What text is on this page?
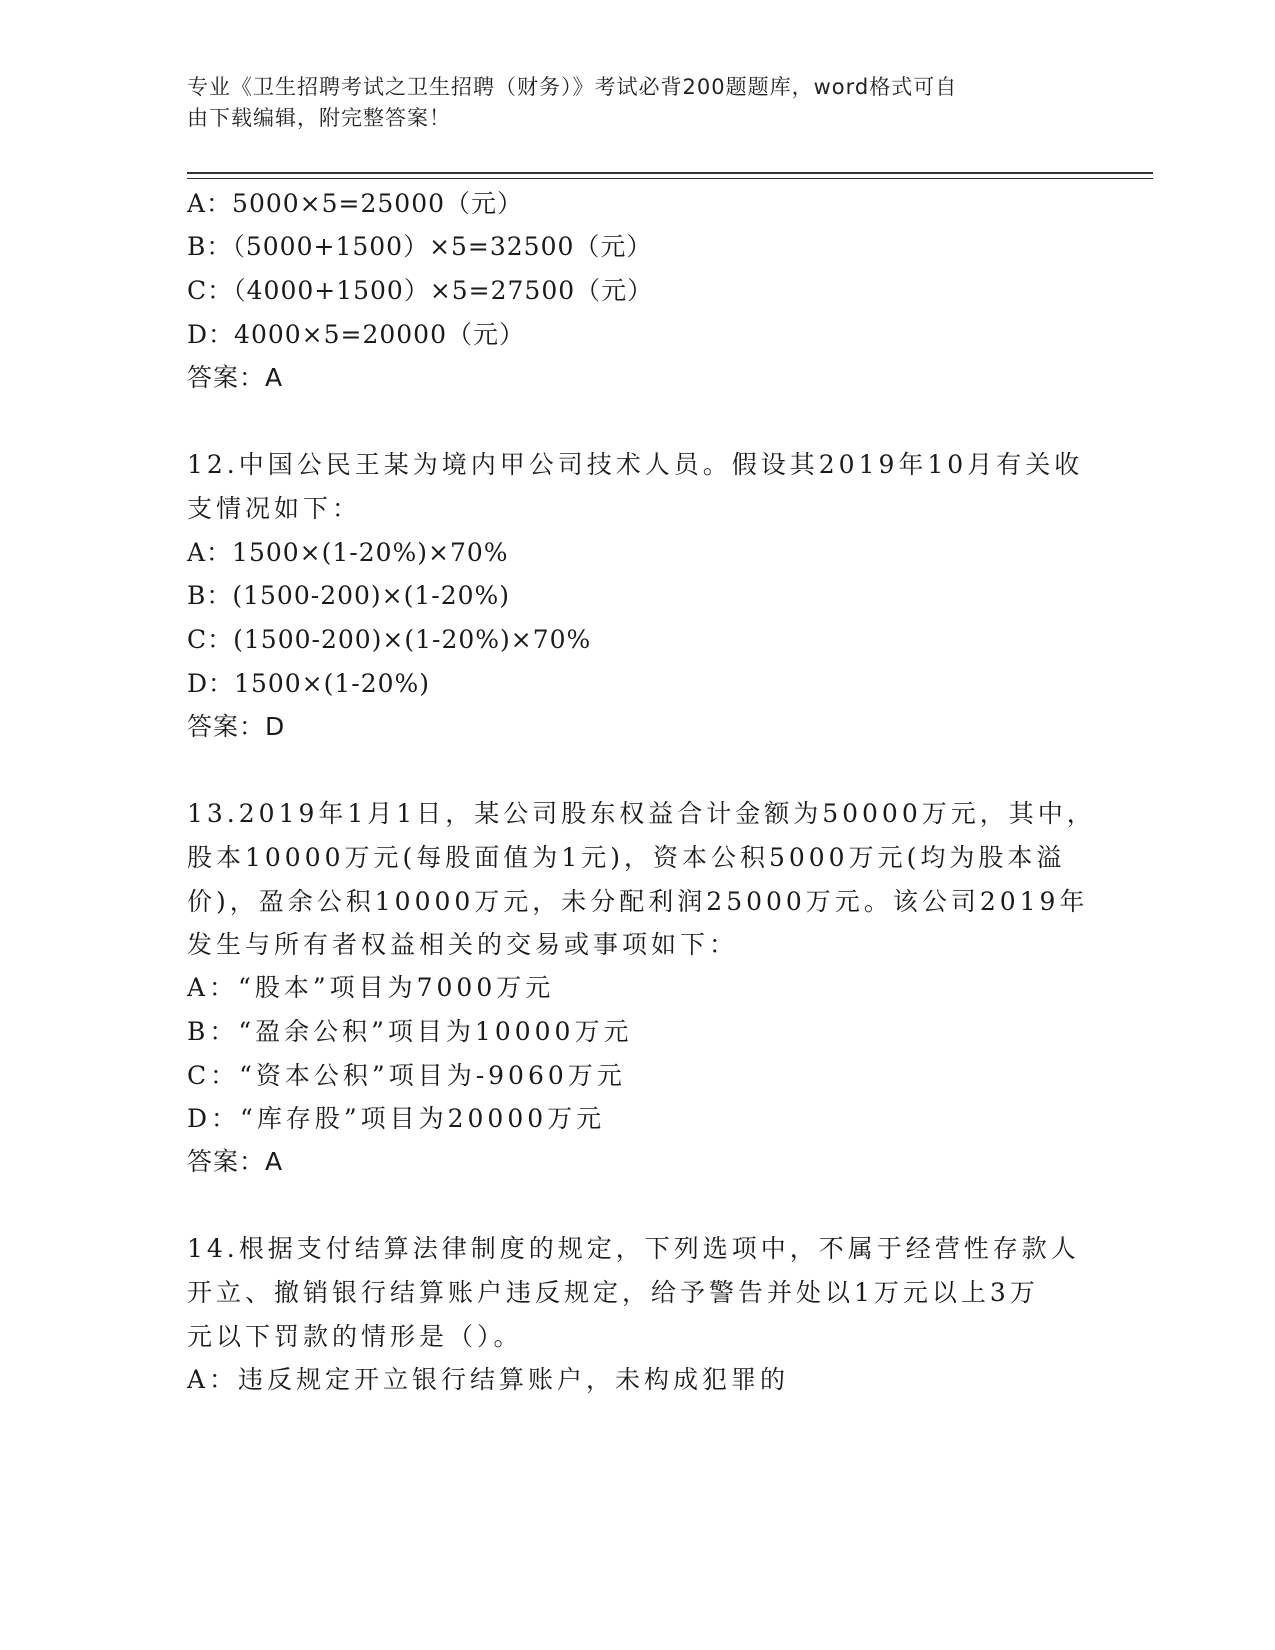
专业《卫生招聘考试之卫生招聘（财务）》考试必背200题题库，word格式可自
由下载编辑，附完整答案！
A：5000×5=25000（元）
B：（5000+1500）×5=32500（元）
C：（4000+1500）×5=27500（元）
D：4000×5=20000（元）
答案：A
12.中国公民王某为境内甲公司技术人员。假设其2019年10月有关收
支情况如下：
A：1500×(1-20%)×70%
B：(1500-200)×(1-20%)
C：(1500-200)×(1-20%)×70%
D：1500×(1-20%)
答案：D
13.2019年1月1日，某公司股东权益合计金额为50000万元，其中，
股本10000万元(每股面值为1元)，资本公积5000万元(均为股本溢
价)，盈余公积10000万元，未分配利润25000万元。该公司2019年
发生与所有者权益相关的交易或事项如下：
A：“股本”项目为7000万元
B：“盈余公积”项目为10000万元
C：“资本公积”项目为-9060万元
D：“库存股”项目为20000万元
答案：A
14.根据支付结算法律制度的规定，下列选项中，不属于经营性存款人
开立、撤销银行结算账户违反规定，给予警告并处以1万元以上3万
元以下罚款的情形是（）。
A：违反规定开立银行结算账户，未构成犯罪的
